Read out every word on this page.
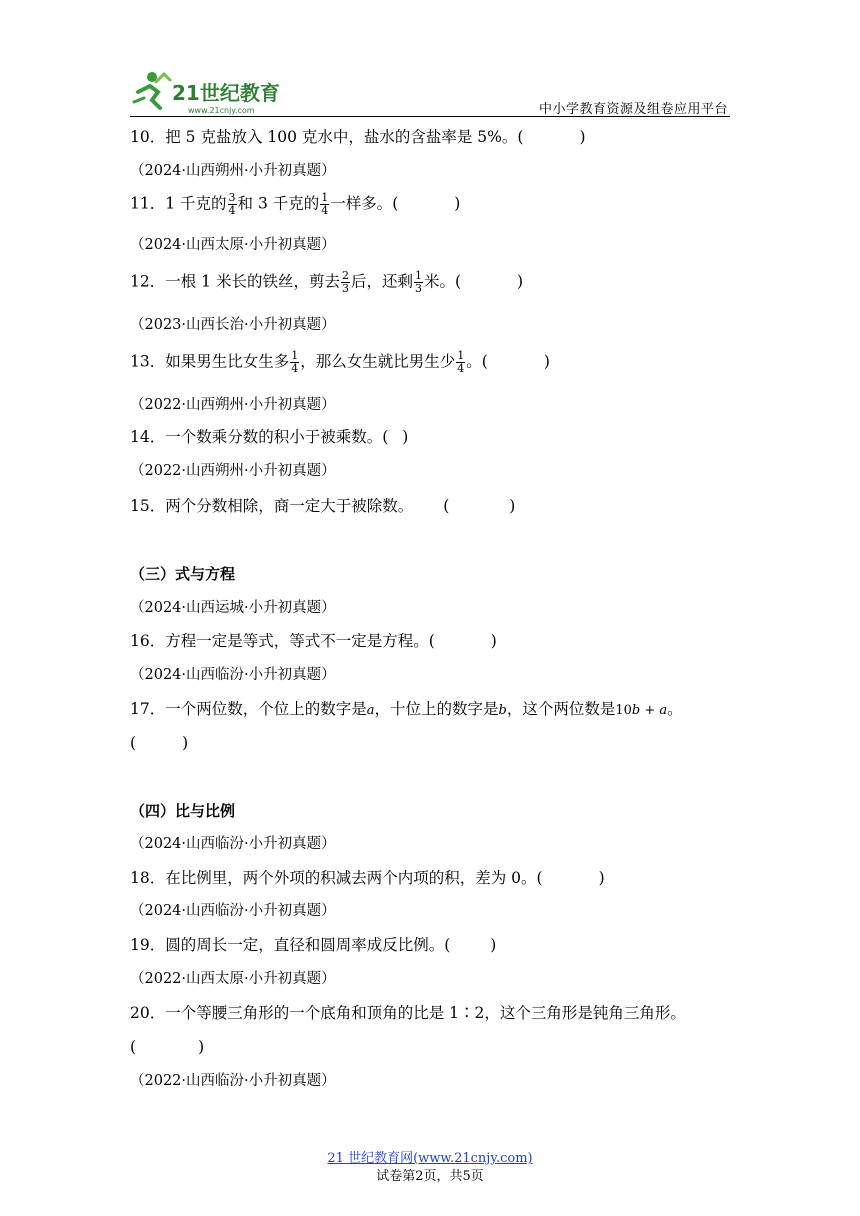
21世纪教育
www.21cnjy.com	中小学教育资源及组卷应用平台
10．把 5 克盐放入 100 克水中，盐水的含盐率是 5%。(	)
（2024·山西朔州·小升初真题）
11．1 千克的 $\frac{3}{4}$ 和 3 千克的 $\frac{1}{4}$ 一样多。(	)
（2024·山西太原·小升初真题）
12．一根 1 米长的铁丝，剪去 $\frac{2}{3}$ 后，还剩 $\frac{1}{3}$ 米。(	)
（2023·山西长治·小升初真题）
13．如果男生比女生多 $\frac{1}{4}$ ，那么女生就比男生少 $\frac{1}{4}$ 。(	)
（2022·山西朔州·小升初真题）
14．一个数乘分数的积小于被乘数。( )
（2022·山西朔州·小升初真题）
15．两个分数相除，商一定大于被除数。 (	)
（三）式与方程
（2024·山西运城·小升初真题）
16．方程一定是等式，等式不一定是方程。(	)
（2024·山西临汾·小升初真题）
17．一个两位数，个位上的数字是a，十位上的数字是b，这个两位数是10b + a。
(	)
（四）比与比例
（2024·山西临汾·小升初真题）
18．在比例里，两个外项的积减去两个内项的积，差为 0。(	)
（2024·山西临汾·小升初真题）
19．圆的周长一定，直径和圆周率成反比例。(	)
（2022·山西太原·小升初真题）
20．一个等腰三角形的一个底角和顶角的比是 1∶2，这个三角形是钝角三角形。
(	)
（2022·山西临汾·小升初真题）
21 世纪教育网(www.21cnjy.com)
试卷第2页，共5页
